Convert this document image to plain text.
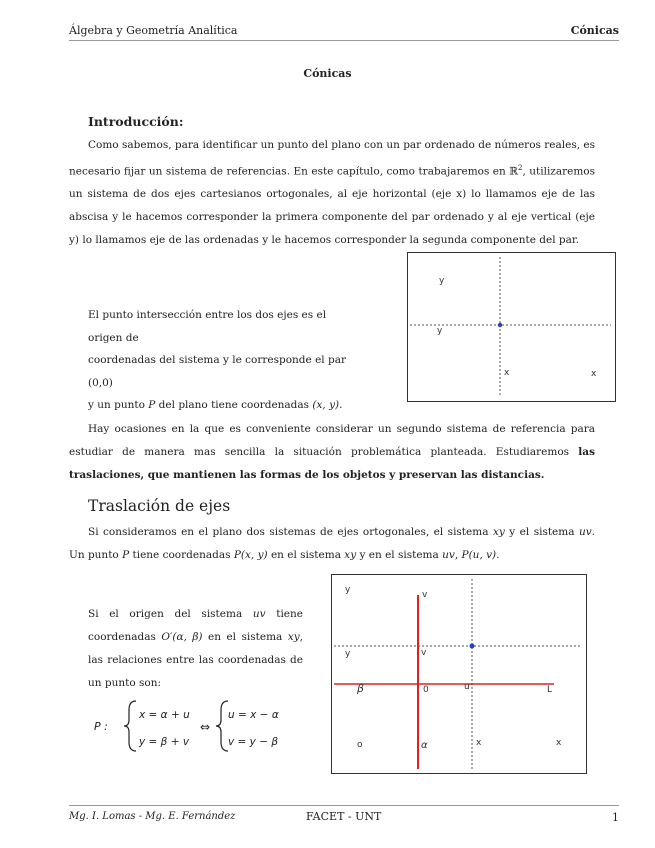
Álgebra y Geometría Analítica	Cónicas
Cónicas
Introducción:
Como sabemos, para identificar un punto del plano con un par ordenado de números reales, es necesario fijar un sistema de referencias. En este capítulo, como trabajaremos en ℝ$^2$, utilizaremos un sistema de dos ejes cartesianos ortogonales, al eje horizontal (eje x) lo llamamos eje de las abscisa y le hacemos corresponder la primera componente del par ordenado y al eje vertical (eje y) lo llamamos eje de las ordenadas y le hacemos corresponder la segunda componente del par.
El punto intersección entre los dos ejes es el origen de
coordenadas del sistema y le corresponde el par (0,0)
y un punto P del plano tiene coordenadas (x, y).
y
y
x	x
Hay ocasiones en la que es conveniente considerar un segundo sistema de referencia para estudiar de manera mas sencilla la situación problemática planteada. Estudiaremos las traslaciones, que mantienen las formas de los objetos y preservan las distancias.
Traslación de ejes
Si consideramos en el plano dos sistemas de ejes ortogonales, el sistema xy y el sistema uv. Un punto P tiene coordenadas P(x, y) en el sistema xy y en el sistema uv, P(u, v).
Si el origen del sistema uv tiene coordenadas O′(α, β) en el sistema xy, las relaciones entre las coordenadas de un punto son:
P :
x = α + u
y = β + v
⇔
u = x − α
v = y − β
y	v
y	v
β	0	u	L
o	α	x	x
Mg. I. Lomas - Mg. E. Fernández	FACET - UNT	1
